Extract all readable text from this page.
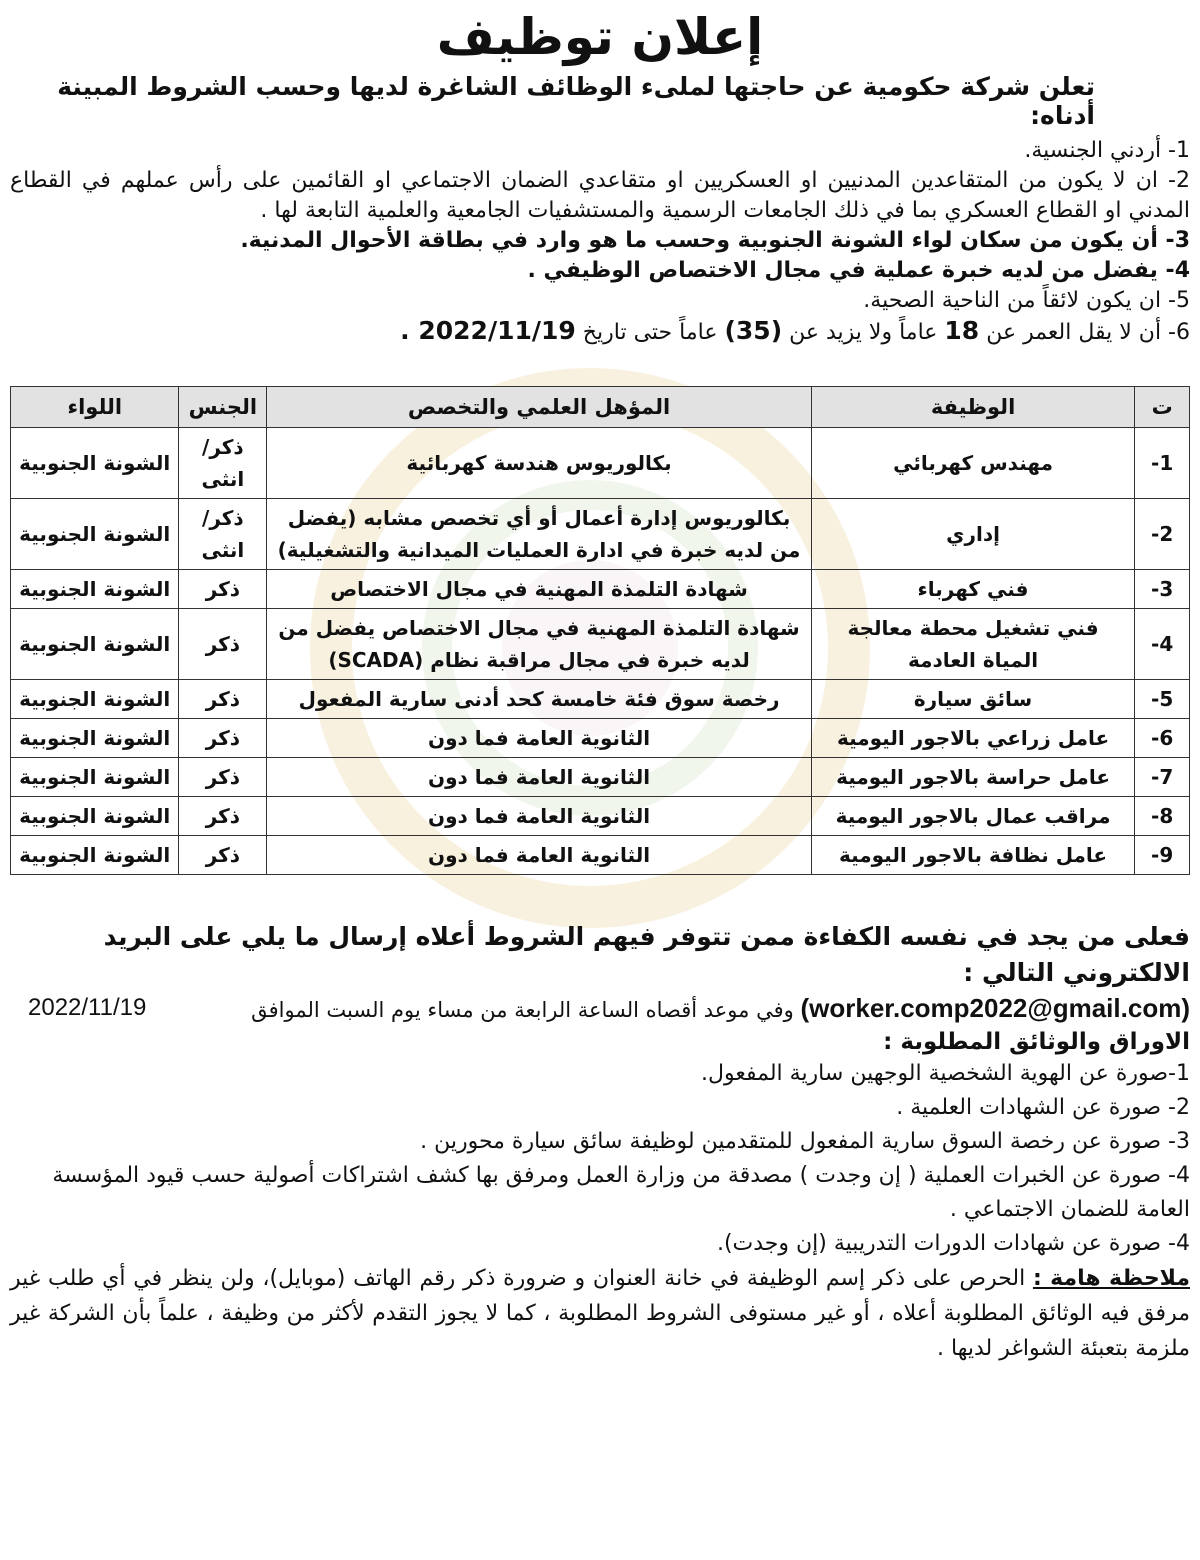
إعلان توظيف

تعلن شركة حكومية عن حاجتها لملىء الوظائف الشاغرة لديها وحسب الشروط المبينة أدناه:

1- أردني الجنسية.

2- ان لا يكون من المتقاعدين المدنيين او العسكريين او متقاعدي الضمان الاجتماعي او القائمين على رأس عملهم في القطاع المدني او القطاع العسكري بما في ذلك الجامعات الرسمية والمستشفيات الجامعية والعلمية التابعة لها .

3- أن يكون من سكان لواء الشونة الجنوبية وحسب ما هو وارد في بطاقة الأحوال المدنية.

4- يفضل من لديه خبرة عملية في مجال الاختصاص الوظيفي .

5- ان يكون لائقاً من الناحية الصحية.

6- أن لا يقل العمر عن 18 عاماً ولا يزيد عن (35) عاماً حتى تاريخ 2022/11/19 .

ت	الوظيفة	المؤهل العلمي والتخصص	الجنس	اللواء
1-	مهندس كهربائي	بكالوريوس هندسة كهربائية	ذكر/انثى	الشونة الجنوبية
2-	إداري	بكالوريوس إدارة أعمال أو أي تخصص مشابه (يفضل من لديه خبرة في ادارة العمليات الميدانية والتشغيلية)	ذكر/انثى	الشونة الجنوبية
3-	فني كهرباء	شهادة التلمذة المهنية في مجال الاختصاص	ذكر	الشونة الجنوبية
4-	فني تشغيل محطة معالجة المياة العادمة	شهادة التلمذة المهنية في مجال الاختصاص يفضل من لديه خبرة في مجال مراقبة نظام (SCADA)	ذكر	الشونة الجنوبية
5-	سائق سيارة	رخصة سوق فئة خامسة كحد أدنى سارية المفعول	ذكر	الشونة الجنوبية
6-	عامل زراعي بالاجور اليومية	الثانوية العامة فما دون	ذكر	الشونة الجنوبية
7-	عامل حراسة بالاجور اليومية	الثانوية العامة فما دون	ذكر	الشونة الجنوبية
8-	مراقب عمال بالاجور اليومية	الثانوية العامة فما دون	ذكر	الشونة الجنوبية
9-	عامل نظافة بالاجور اليومية	الثانوية العامة فما دون	ذكر	الشونة الجنوبية

فعلى من يجد في نفسه الكفاءة ممن تتوفر فيهم الشروط أعلاه إرسال ما يلي على البريد الالكتروني التالي :

(worker.comp2022@gmail.com) وفي موعد أقصاه الساعة الرابعة من مساء يوم السبت الموافق
2022/11/19

الاوراق والوثائق المطلوبة :

1-صورة عن الهوية الشخصية الوجهين سارية المفعول.

2- صورة عن الشهادات العلمية .

3- صورة عن رخصة السوق سارية المفعول للمتقدمين لوظيفة سائق سيارة محورين .

4- صورة عن الخبرات العملية ( إن وجدت ) مصدقة من وزارة العمل ومرفق بها كشف اشتراكات أصولية حسب قيود المؤسسة العامة للضمان الاجتماعي .

4- صورة عن شهادات الدورات التدريبية (إن وجدت).

ملاحظة هامة : الحرص على ذكر إسم الوظيفة في خانة العنوان و ضرورة ذكر رقم الهاتف (موبايل)، ولن ينظر في أي طلب غير مرفق فيه الوثائق المطلوبة أعلاه ، أو غير مستوفى الشروط المطلوبة ، كما لا يجوز التقدم لأكثر من وظيفة ، علماً بأن الشركة غير ملزمة بتعبئة الشواغر لديها .
